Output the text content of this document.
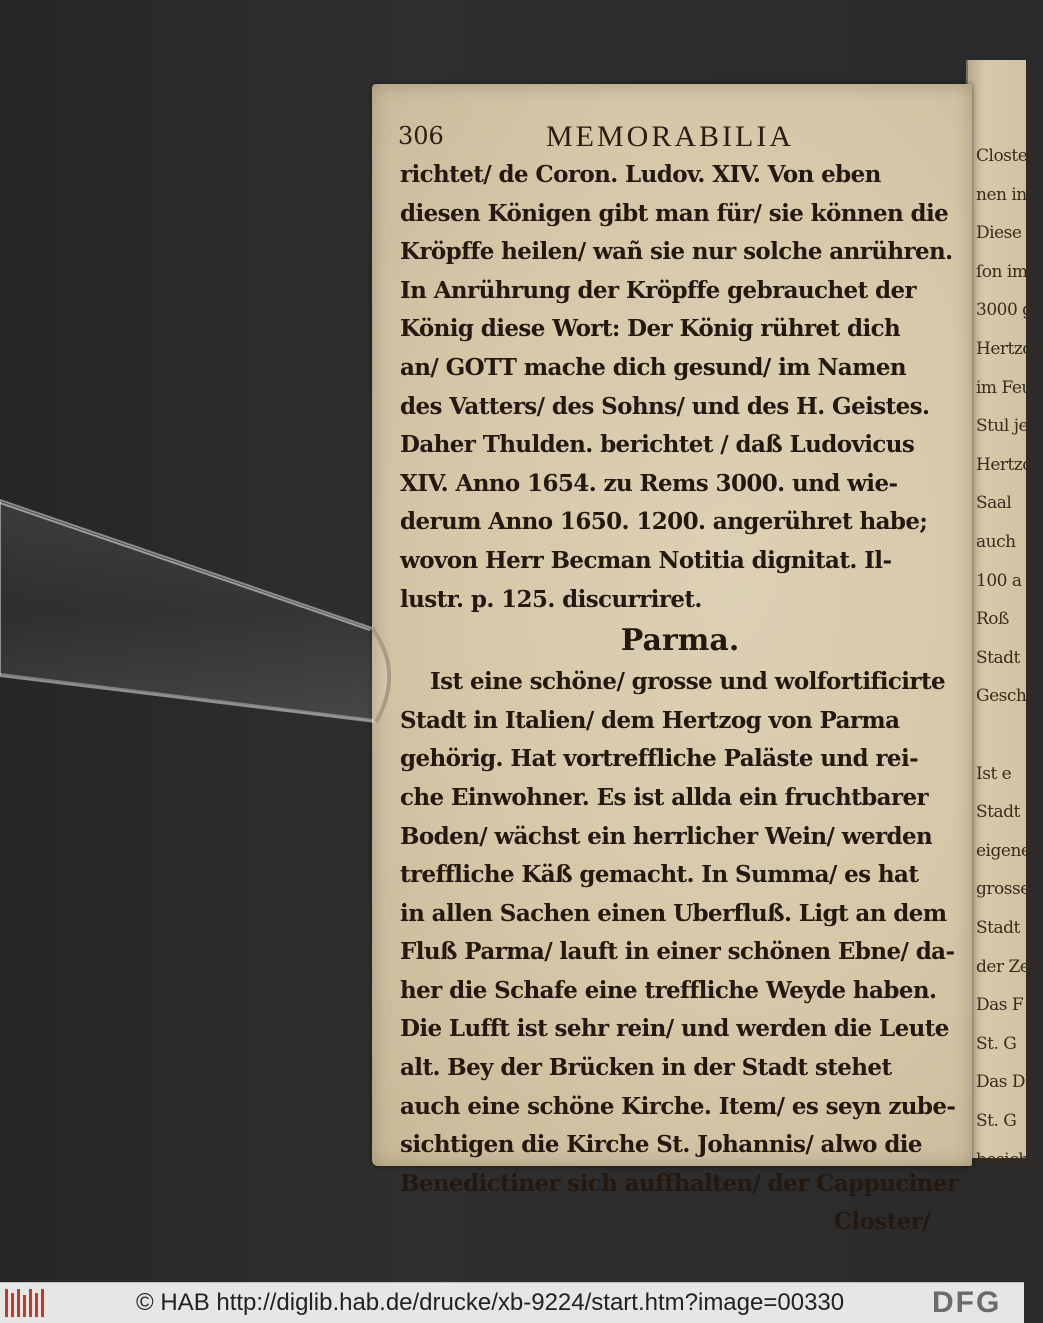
Closter
nen in
Diese
ſon im
3000 gu
Hertzog
im Feuc
Stul je
Hertzo
Saal
auch
100 a
Roß
Stadt
Geschü
Ist e
Stadt
eigenen
grosse
Stadt
der Zeit
Das F
St. G
Das D
St. G
besicht
306	MEMORABILIA
richtet/ de Coron. Ludov. XIV. Von eben
diesen Königen gibt man für/ sie können die
Kröpffe heilen/ wañ sie nur solche anrühren.
In Anrührung der Kröpffe gebrauchet der
König diese Wort: Der König rühret dich
an/ GOTT mache dich gesund/ im Namen
des Vatters/ des Sohns/ und des H. Geistes.
Daher Thulden. berichtet / daß Ludovicus
XIV. Anno 1654. zu Rems 3000. und wie-
derum Anno 1650. 1200. angerühret habe;
wovon Herr Becman Notitia dignitat. Il-
lustr. p. 125. discurriret.
Parma.
Ist eine schöne/ grosse und wolfortificirte
Stadt in Italien/ dem Hertzog von Parma
gehörig. Hat vortreffliche Paläste und rei-
che Einwohner. Es ist allda ein fruchtbarer
Boden/ wächst ein herrlicher Wein/ werden
treffliche Käß gemacht. In Summa/ es hat
in allen Sachen einen Uberfluß. Ligt an dem
Fluß Parma/ lauft in einer schönen Ebne/ da-
her die Schafe eine treffliche Weyde haben.
Die Lufft ist sehr rein/ und werden die Leute
alt. Bey der Brücken in der Stadt stehet
auch eine schöne Kirche. Item/ es seyn zube-
sichtigen die Kirche St. Johannis/ alwo die
Benedictiner sich auffhalten/ der Cappuciner
Closter/
© HAB http://diglib.hab.de/drucke/xb-9224/start.htm?image=00330	DFG
